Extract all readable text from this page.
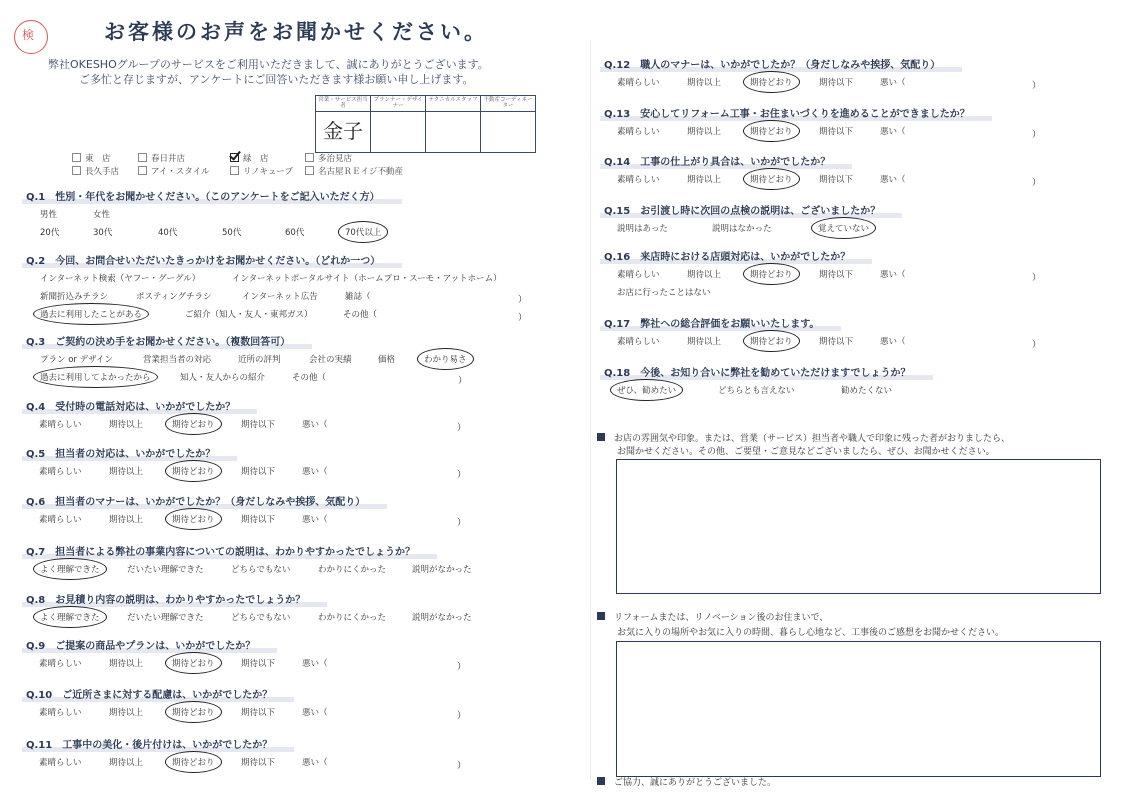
検	お客様のお声をお聞かせください。
弊社OKESHOグループのサービスをご利用いただきまして、誠にありがとうございます。
ご多忙と存じますが、アンケートにご回答いただきます様お願い申し上げます。
営業・サービス担当者	プランナー・デザイナー	テクニカルスタッフ	不動産コーディネーター
金子			
東　店	春日井店	緑　店	多治見店
長久手店	アイ・スタイル	リノキューブ	名古屋ＲＥイジ不動産
Q.1　性別・年代をお聞かせください。（このアンケートをご記入いただく方）
男性	女性
20代	30代	40代	50代	60代	70代以上
Q.2　今回、お問合せいただいたきっかけをお聞かせください。（どれか一つ）
インターネット検索（ヤフー・グーグル）	インターネットポータルサイト（ホームプロ・スーモ・アットホーム）
新聞折込みチラシ	ポスティングチラシ	インターネット広告	雑誌（	）
過去に利用したことがある	ご紹介（知人・友人・東邦ガス）	その他（	）
Q.3　ご契約の決め手をお聞かせください。（複数回答可）
プラン or デザイン	営業担当者の対応	近所の評判	会社の実績	価格	わかり易さ
過去に利用してよかったから	知人・友人からの紹介	その他（	）
Q.4　受付時の電話対応は、いかがでしたか？
素晴らしい	期待以上	期待どおり	期待以下	悪い（	）
Q.5　担当者の対応は、いかがでしたか？
素晴らしい	期待以上	期待どおり	期待以下	悪い（	）
Q.6　担当者のマナーは、いかがでしたか？（身だしなみや挨拶、気配り）
素晴らしい	期待以上	期待どおり	期待以下	悪い（	）
Q.7　担当者による弊社の事業内容についての説明は、わかりやすかったでしょうか？
よく理解できた	だいたい理解できた	どちらでもない	わかりにくかった	説明がなかった
Q.8　お見積り内容の説明は、わかりやすかったでしょうか？
よく理解できた	だいたい理解できた	どちらでもない	わかりにくかった	説明がなかった
Q.9　ご提案の商品やプランは、いかがでしたか？
素晴らしい	期待以上	期待どおり	期待以下	悪い（	）
Q.10　ご近所さまに対する配慮は、いかがでしたか？
素晴らしい	期待以上	期待どおり	期待以下	悪い（	）
Q.11　工事中の美化・後片付けは、いかがでしたか？
素晴らしい	期待以上	期待どおり	期待以下	悪い（	）
Q.12　職人のマナーは、いかがでしたか？（身だしなみや挨拶、気配り）
素晴らしい	期待以上	期待どおり	期待以下	悪い（	）
Q.13　安心してリフォーム工事・お住まいづくりを進めることができましたか？
素晴らしい	期待以上	期待どおり	期待以下	悪い（	）
Q.14　工事の仕上がり具合は、いかがでしたか？
素晴らしい	期待以上	期待どおり	期待以下	悪い（	）
Q.15　お引渡し時に次回の点検の説明は、ございましたか？
説明はあった	説明はなかった	覚えていない
Q.16　来店時における店頭対応は、いかがでしたか？
素晴らしい	期待以上	期待どおり	期待以下	悪い（	）
お店に行ったことはない
Q.17　弊社への総合評価をお願いいたします。
素晴らしい	期待以上	期待どおり	期待以下	悪い（	）
Q.18　今後、お知り合いに弊社を勧めていただけますでしょうか？
ぜひ、勧めたい	どちらとも言えない	勧めたくない
お店の雰囲気や印象。または、営業（サービス）担当者や職人で印象に残った者がおりましたら、
お聞かせください。その他、ご要望・ご意見などございましたら、ぜひ、お聞かせください。
リフォームまたは、リノベーション後のお住まいで、
お気に入りの場所やお気に入りの時間、暮らし心地など、工事後のご感想をお聞かせください。
ご協力、誠にありがとうございました。
